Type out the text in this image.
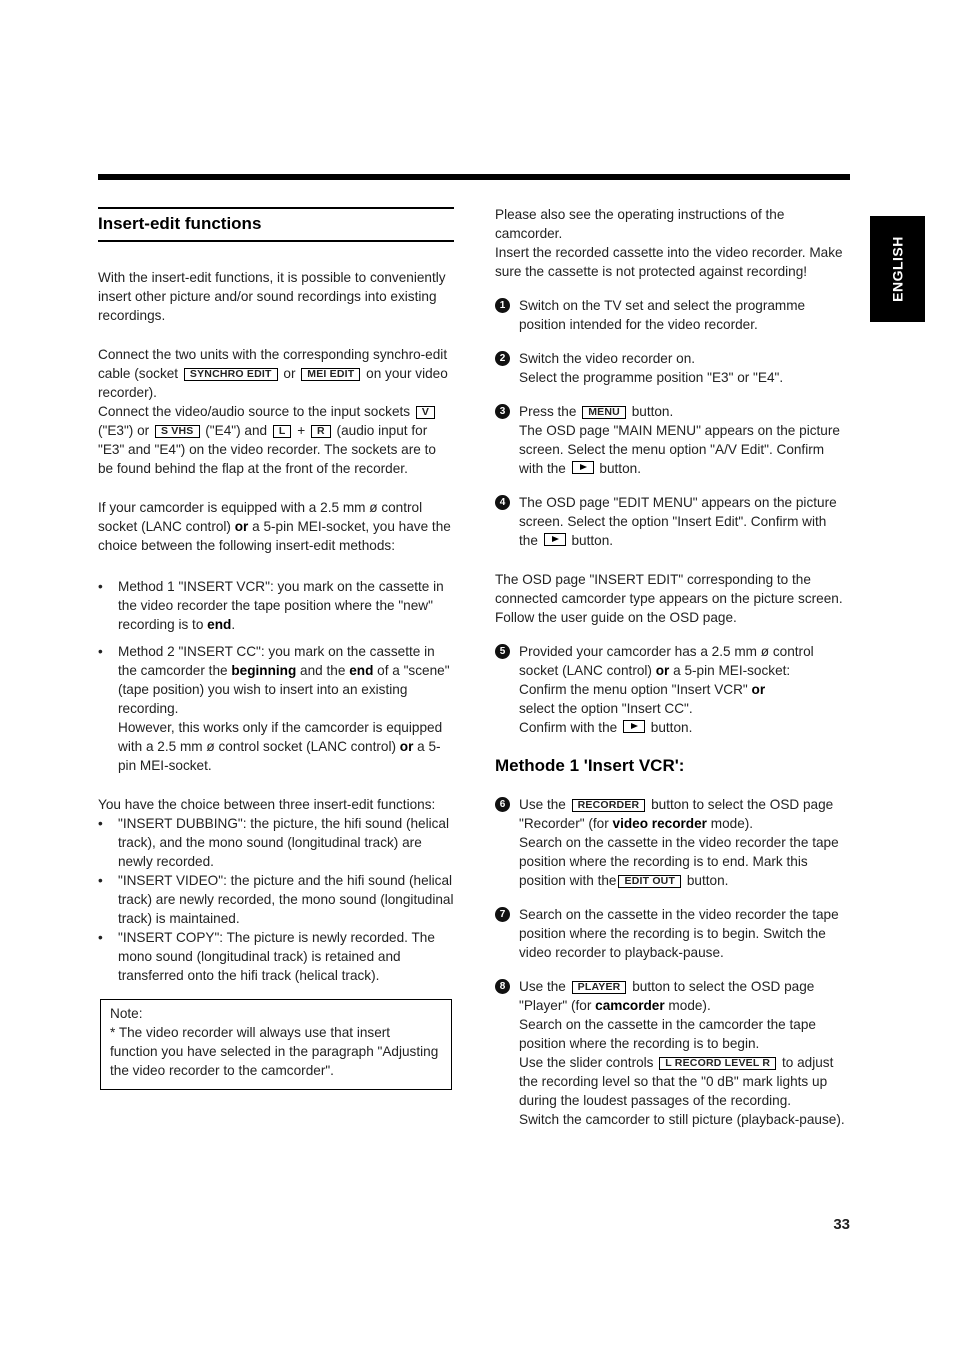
ENGLISH
Insert-edit functions

With the insert-edit functions, it is possible to conveniently insert other picture and/or sound recordings into existing recordings.

Connect the two units with the corresponding synchro-edit cable (socket SYNCHRO EDIT or MEI EDIT on your video recorder).

Connect the video/audio source to the input sockets V ("E3") or S VHS ("E4") and L + R (audio input for "E3" and "E4") on the video recorder. The sockets are to be found behind the flap at the front of the recorder.

If your camcorder is equipped with a 2.5 mm ø control socket (LANC control) or a 5-pin MEI-socket, you have the choice between the following insert-edit methods:

• Method 1 "INSERT VCR": you mark on the cassette in the video recorder the tape position where the "new" recording is to end.
• Method 2 "INSERT CC": you mark on the cassette in the camcorder the beginning and the end of a "scene" (tape position) you wish to insert into an existing recording.
However, this works only if the camcorder is equipped with a 2.5 mm ø control socket (LANC control) or a 5-pin MEI-socket.

You have the choice between three insert-edit functions:

• "INSERT DUBBING": the picture, the hifi sound (helical track), and the mono sound (longitudinal track) are newly recorded.
• "INSERT VIDEO": the picture and the hifi sound (helical track) are newly recorded, the mono sound (longitudinal track) is maintained.
• "INSERT COPY": The picture is newly recorded. The mono sound (longitudinal track) is retained and transferred onto the hifi track (helical track).

Note:

* The video recorder will always use that insert function you have selected in the paragraph "Adjusting the video recorder to the camcorder".

Please also see the operating instructions of the camcorder.

Insert the recorded cassette into the video recorder. Make sure the cassette is not protected against recording!

1	Switch on the TV set and select the programme position intended for the video recorder.
2	Switch the video recorder on.
Select the programme position "E3" or "E4".
3	Press the MENU button.
The OSD page "MAIN MENU" appears on the picture screen. Select the menu option "A/V Edit". Confirm with the  button.
4	The OSD page "EDIT MENU" appears on the picture screen. Select the option "Insert Edit". Confirm with the  button.

The OSD page "INSERT EDIT" corresponding to the connected camcorder type appears on the picture screen.

Follow the user guide on the OSD page.

5	Provided your camcorder has a 2.5 mm ø control socket (LANC control) or a 5-pin MEI-socket:
Confirm the menu option "Insert VCR" or
select the option "Insert CC".
Confirm with the  button.
Methode 1 'Insert VCR':
6	Use the RECORDER button to select the OSD page "Recorder" (for video recorder mode).
Search on the cassette in the video recorder the tape position where the recording is to end. Mark this position with the EDIT OUT button.
7	Search on the cassette in the video recorder the tape position where the recording is to begin. Switch the video recorder to playback-pause.
8	Use the PLAYER button to select the OSD page "Player" (for camcorder mode).
Search on the cassette in the camcorder the tape position where the recording is to begin.
Use the slider controls L RECORD LEVEL R to adjust the recording level so that the "0 dB" mark lights up during the loudest passages of the recording.
Switch the camcorder to still picture (playback-pause).
33
